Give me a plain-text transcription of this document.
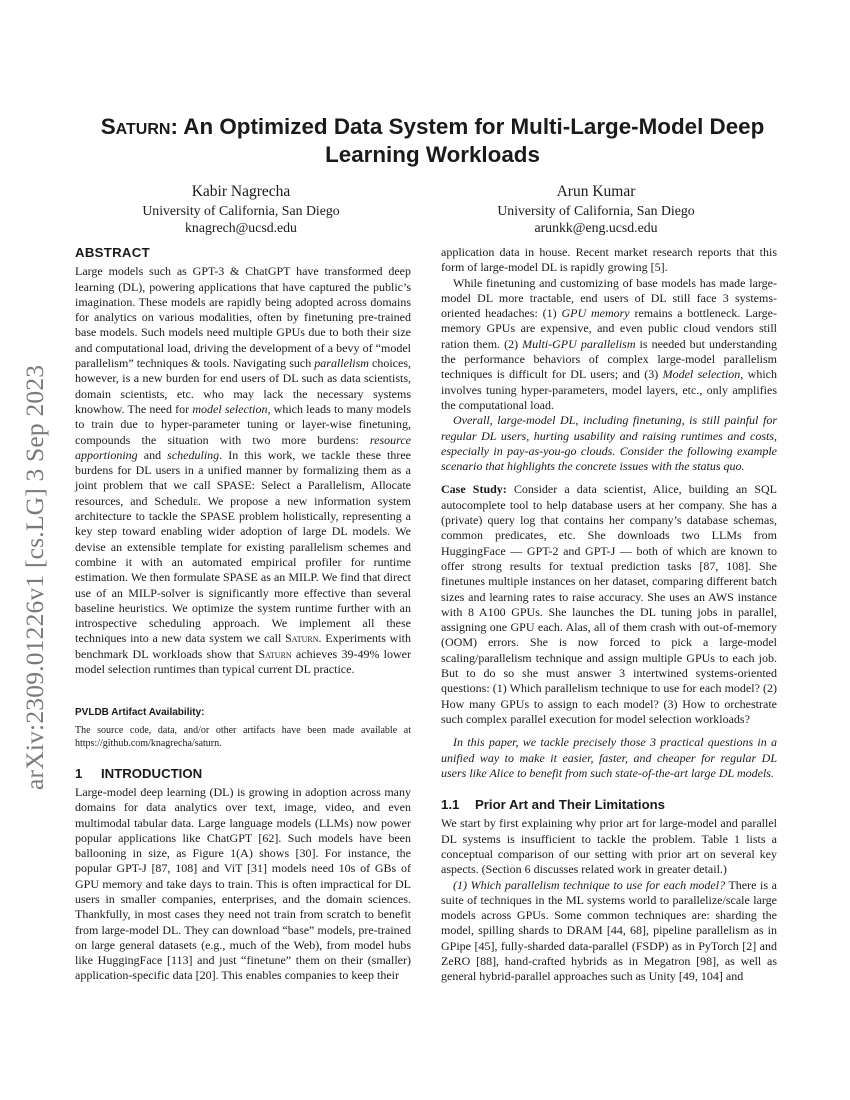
arXiv:2309.01226v1 [cs.LG] 3 Sep 2023
Saturn: An Optimized Data System for Multi-Large-Model Deep Learning Workloads
Kabir Nagrecha
University of California, San Diego
knagrech@ucsd.edu
Arun Kumar
University of California, San Diego
arunkk@eng.ucsd.edu
ABSTRACT

Large models such as GPT-3 & ChatGPT have transformed deep learning (DL), powering applications that have captured the public’s imagination. These models are rapidly being adopted across domains for analytics on various modalities, often by finetuning pre-trained base models. Such models need multiple GPUs due to both their size and computational load, driving the development of a bevy of “model parallelism” techniques & tools. Navigating such parallelism choices, however, is a new burden for end users of DL such as data scientists, domain scientists, etc. who may lack the necessary systems knowhow. The need for model selection, which leads to many models to train due to hyper-parameter tuning or layer-wise finetuning, compounds the situation with two more burdens: resource apportioning and scheduling. In this work, we tackle these three burdens for DL users in a unified manner by formalizing them as a joint problem that we call SPASE: Select a Parallelism, Allocate resources, and Schedule. We propose a new information system architecture to tackle the SPASE problem holistically, representing a key step toward enabling wider adoption of large DL models. We devise an extensible template for existing parallelism schemes and combine it with an automated empirical profiler for runtime estimation. We then formulate SPASE as an MILP. We find that direct use of an MILP-solver is significantly more effective than several baseline heuristics. We optimize the system runtime further with an introspective scheduling approach. We implement all these techniques into a new data system we call Saturn. Experiments with benchmark DL workloads show that Saturn achieves 39-49% lower model selection runtimes than typical current DL practice.

PVLDB Artifact Availability:

The source code, data, and/or other artifacts have been made available at https://github.com/knagrecha/saturn.

1 INTRODUCTION

Large-model deep learning (DL) is growing in adoption across many domains for data analytics over text, image, video, and even multimodal tabular data. Large language models (LLMs) now power popular applications like ChatGPT [62]. Such models have been ballooning in size, as Figure 1(A) shows [30]. For instance, the popular GPT-J [87, 108] and ViT [31] models need 10s of GBs of GPU memory and take days to train. This is often impractical for DL users in smaller companies, enterprises, and the domain sciences. Thankfully, in most cases they need not train from scratch to benefit from large-model DL. They can download “base” models, pre-trained on large general datasets (e.g., much of the Web), from model hubs like HuggingFace [113] and just “finetune” them on their (smaller) application-specific data [20]. This enables companies to keep their

application data in house. Recent market research reports that this form of large-model DL is rapidly growing [5].

While finetuning and customizing of base models has made large-model DL more tractable, end users of DL still face 3 systems-oriented headaches: (1) GPU memory remains a bottleneck. Large-memory GPUs are expensive, and even public cloud vendors still ration them. (2) Multi-GPU parallelism is needed but understanding the performance behaviors of complex large-model parallelism techniques is difficult for DL users; and (3) Model selection, which involves tuning hyper-parameters, model layers, etc., only amplifies the computational load.

Overall, large-model DL, including finetuning, is still painful for regular DL users, hurting usability and raising runtimes and costs, especially in pay-as-you-go clouds. Consider the following example scenario that highlights the concrete issues with the status quo.

Case Study: Consider a data scientist, Alice, building an SQL autocomplete tool to help database users at her company. She has a (private) query log that contains her company’s database schemas, common predicates, etc. She downloads two LLMs from HuggingFace — GPT-2 and GPT-J — both of which are known to offer strong results for textual prediction tasks [87, 108]. She finetunes multiple instances on her dataset, comparing different batch sizes and learning rates to raise accuracy. She uses an AWS instance with 8 A100 GPUs. She launches the DL tuning jobs in parallel, assigning one GPU each. Alas, all of them crash with out-of-memory (OOM) errors. She is now forced to pick a large-model scaling/parallelism technique and assign multiple GPUs to each job. But to do so she must answer 3 intertwined systems-oriented questions: (1) Which parallelism technique to use for each model? (2) How many GPUs to assign to each model? (3) How to orchestrate such complex parallel execution for model selection workloads?

In this paper, we tackle precisely those 3 practical questions in a unified way to make it easier, faster, and cheaper for regular DL users like Alice to benefit from such state-of-the-art large DL models.

1.1 Prior Art and Their Limitations

We start by first explaining why prior art for large-model and parallel DL systems is insufficient to tackle the problem. Table 1 lists a conceptual comparison of our setting with prior art on several key aspects. (Section 6 discusses related work in greater detail.)

(1) Which parallelism technique to use for each model? There is a suite of techniques in the ML systems world to parallelize/scale large models across GPUs. Some common techniques are: sharding the model, spilling shards to DRAM [44, 68], pipeline parallelism as in GPipe [45], fully-sharded data-parallel (FSDP) as in PyTorch [2] and ZeRO [88], hand-crafted hybrids as in Megatron [98], as well as general hybrid-parallel approaches such as Unity [49, 104] and
